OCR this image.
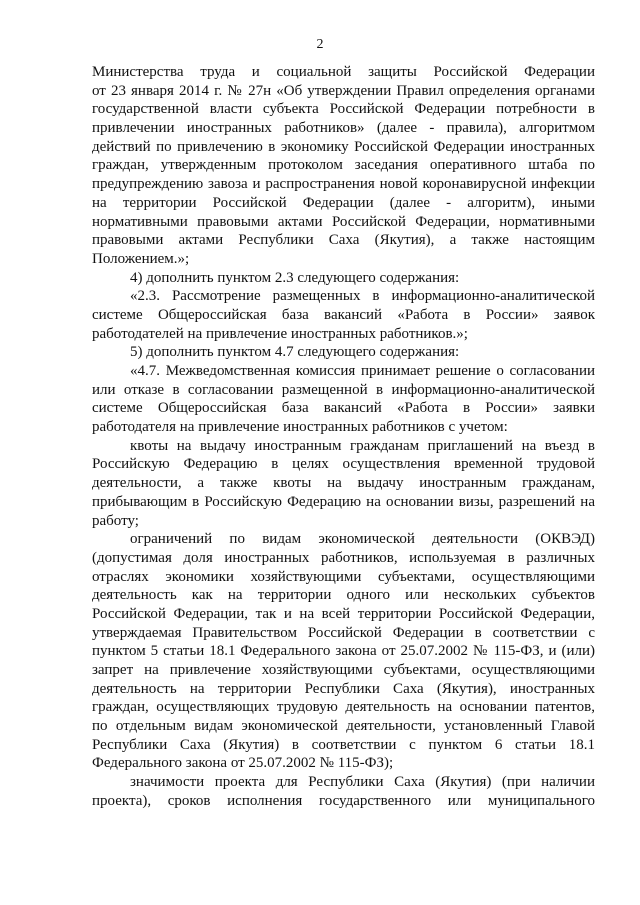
2
Министерства труда и социальной защиты Российской Федерации
от 23 января 2014 г. № 27н «Об утверждении Правил определения органами
государственной власти субъекта Российской Федерации потребности в
привлечении иностранных работников» (далее - правила), алгоритмом
действий по привлечению в экономику Российской Федерации иностранных
граждан, утвержденным протоколом заседания оперативного штаба по
предупреждению завоза и распространения новой коронавирусной инфекции
на территории Российской Федерации (далее - алгоритм), иными
нормативными правовыми актами Российской Федерации, нормативными
правовыми актами Республики Саха (Якутия), а также настоящим
Положением.»;
4) дополнить пунктом 2.3 следующего содержания:
«2.3. Рассмотрение размещенных в информационно-аналитической
системе Общероссийская база вакансий «Работа в России» заявок
работодателей на привлечение иностранных работников.»;
5) дополнить пунктом 4.7 следующего содержания:
«4.7. Межведомственная комиссия принимает решение о согласовании
или отказе в согласовании размещенной в информационно-аналитической
системе Общероссийская база вакансий «Работа в России» заявки
работодателя на привлечение иностранных работников с учетом:
квоты на выдачу иностранным гражданам приглашений на въезд в
Российскую Федерацию в целях осуществления временной трудовой
деятельности, а также квоты на выдачу иностранным гражданам,
прибывающим в Российскую Федерацию на основании визы, разрешений на
работу;
ограничений по видам экономической деятельности (ОКВЭД)
(допустимая доля иностранных работников, используемая в различных
отраслях экономики хозяйствующими субъектами, осуществляющими
деятельность как на территории одного или нескольких субъектов
Российской Федерации, так и на всей территории Российской Федерации,
утверждаемая Правительством Российской Федерации в соответствии с
пунктом 5 статьи 18.1 Федерального закона от 25.07.2002 № 115-ФЗ, и (или)
запрет на привлечение хозяйствующими субъектами, осуществляющими
деятельность на территории Республики Саха (Якутия), иностранных
граждан, осуществляющих трудовую деятельность на основании патентов,
по отдельным видам экономической деятельности, установленный Главой
Республики Саха (Якутия) в соответствии с пунктом 6 статьи 18.1
Федерального закона от 25.07.2002 № 115-ФЗ);
значимости проекта для Республики Саха (Якутия) (при наличии
проекта), сроков исполнения государственного или муниципального
